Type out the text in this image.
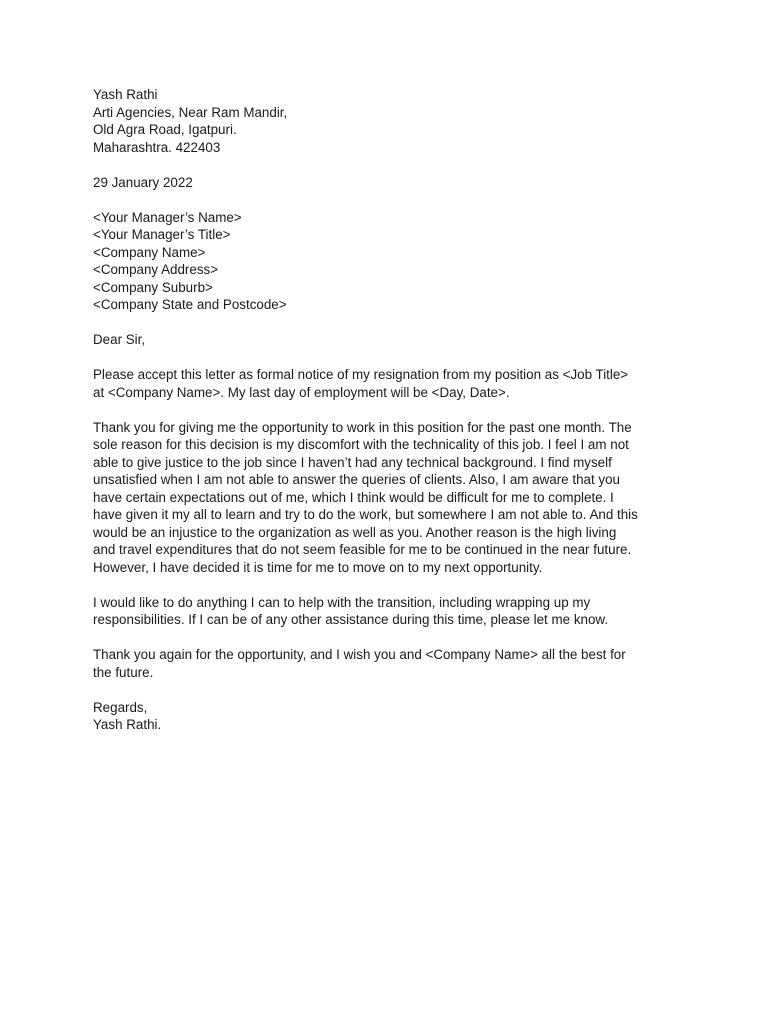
Yash Rathi
Arti Agencies, Near Ram Mandir,
Old Agra Road, Igatpuri.
Maharashtra. 422403
29 January 2022
<Your Manager’s Name>
<Your Manager’s Title>
<Company Name>
<Company Address>
<Company Suburb>
<Company State and Postcode>
Dear Sir,
Please accept this letter as formal notice of my resignation from my position as <Job Title>
at <Company Name>. My last day of employment will be <Day, Date>.
Thank you for giving me the opportunity to work in this position for the past one month. The
sole reason for this decision is my discomfort with the technicality of this job. I feel I am not
able to give justice to the job since I haven’t had any technical background. I find myself
unsatisfied when I am not able to answer the queries of clients. Also, I am aware that you
have certain expectations out of me, which I think would be difficult for me to complete. I
have given it my all to learn and try to do the work, but somewhere I am not able to. And this
would be an injustice to the organization as well as you. Another reason is the high living
and travel expenditures that do not seem feasible for me to be continued in the near future.
However, I have decided it is time for me to move on to my next opportunity.
I would like to do anything I can to help with the transition, including wrapping up my
responsibilities. If I can be of any other assistance during this time, please let me know.
Thank you again for the opportunity, and I wish you and <Company Name> all the best for
the future.
Regards,
Yash Rathi.
